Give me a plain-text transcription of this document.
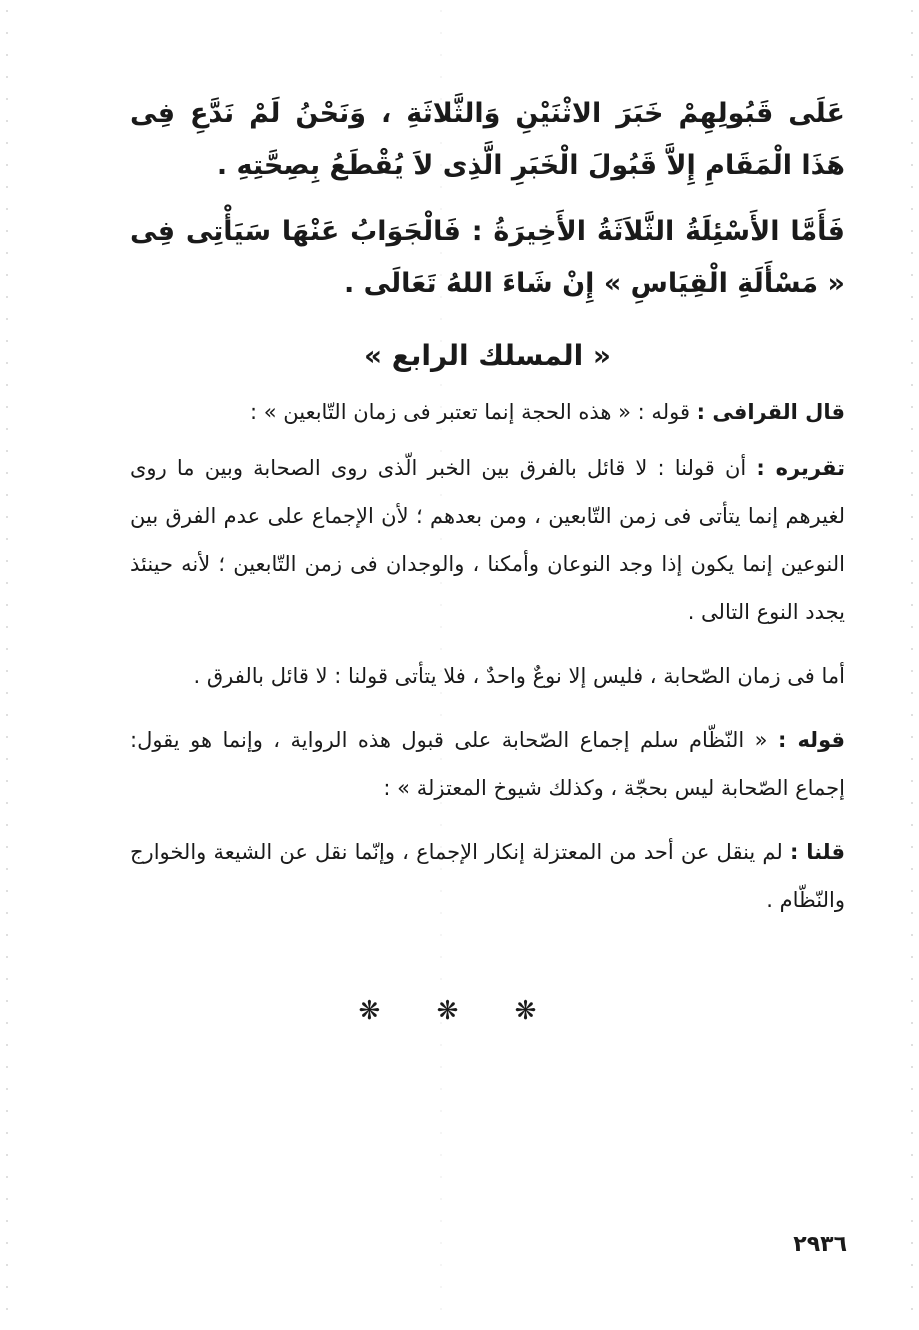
عَلَى قَبُولِهِمْ خَبَرَ الاثْنَيْنِ وَالثَّلاثَةِ ، وَنَحْنُ لَمْ نَدَّعِ فِى هَذَا الْمَقَامِ إِلاَّ قَبُولَ الْخَبَرِ الَّذِى لاَ يُقْطَعُ بِصِحَّتِهِ .

فَأَمَّا الأَسْئِلَةُ الثَّلاَثَةُ الأَخِيرَةُ : فَالْجَوَابُ عَنْهَا سَيَأْتِى فِى « مَسْأَلَةِ الْقِيَاسِ » إِنْ شَاءَ اللهُ تَعَالَى .

« المسلك الرابع »

قال القرافى : قوله : « هذه الحجة إنما تعتبر فى زمان التّابعين » :

تقريره : أن قولنا : لا قائل بالفرق بين الخبر الّذى روى الصحابة وبين ما روى لغيرهم إنما يتأتى فى زمن التّابعين ، ومن بعدهم ؛ لأن الإجماع على عدم الفرق بين النوعين إنما يكون إذا وجد النوعان وأمكنا ، والوجدان فى زمن التّابعين ؛ لأنه حينئذ يجدد النوع التالى .

أما فى زمان الصّحابة ، فليس إلا نوعٌ واحدٌ ، فلا يتأتى قولنا : لا قائل بالفرق .

قوله : « النّظّام سلم إجماع الصّحابة على قبول هذه الرواية ، وإنما هو يقول: إجماع الصّحابة ليس بحجّة ، وكذلك شيوخ المعتزلة » :

قلنا : لم ينقل عن أحد من المعتزلة إنكار الإجماع ، وإنّما نقل عن الشيعة والخوارج والنّظّام .

❋ ❋ ❋
٢٩٣٦
